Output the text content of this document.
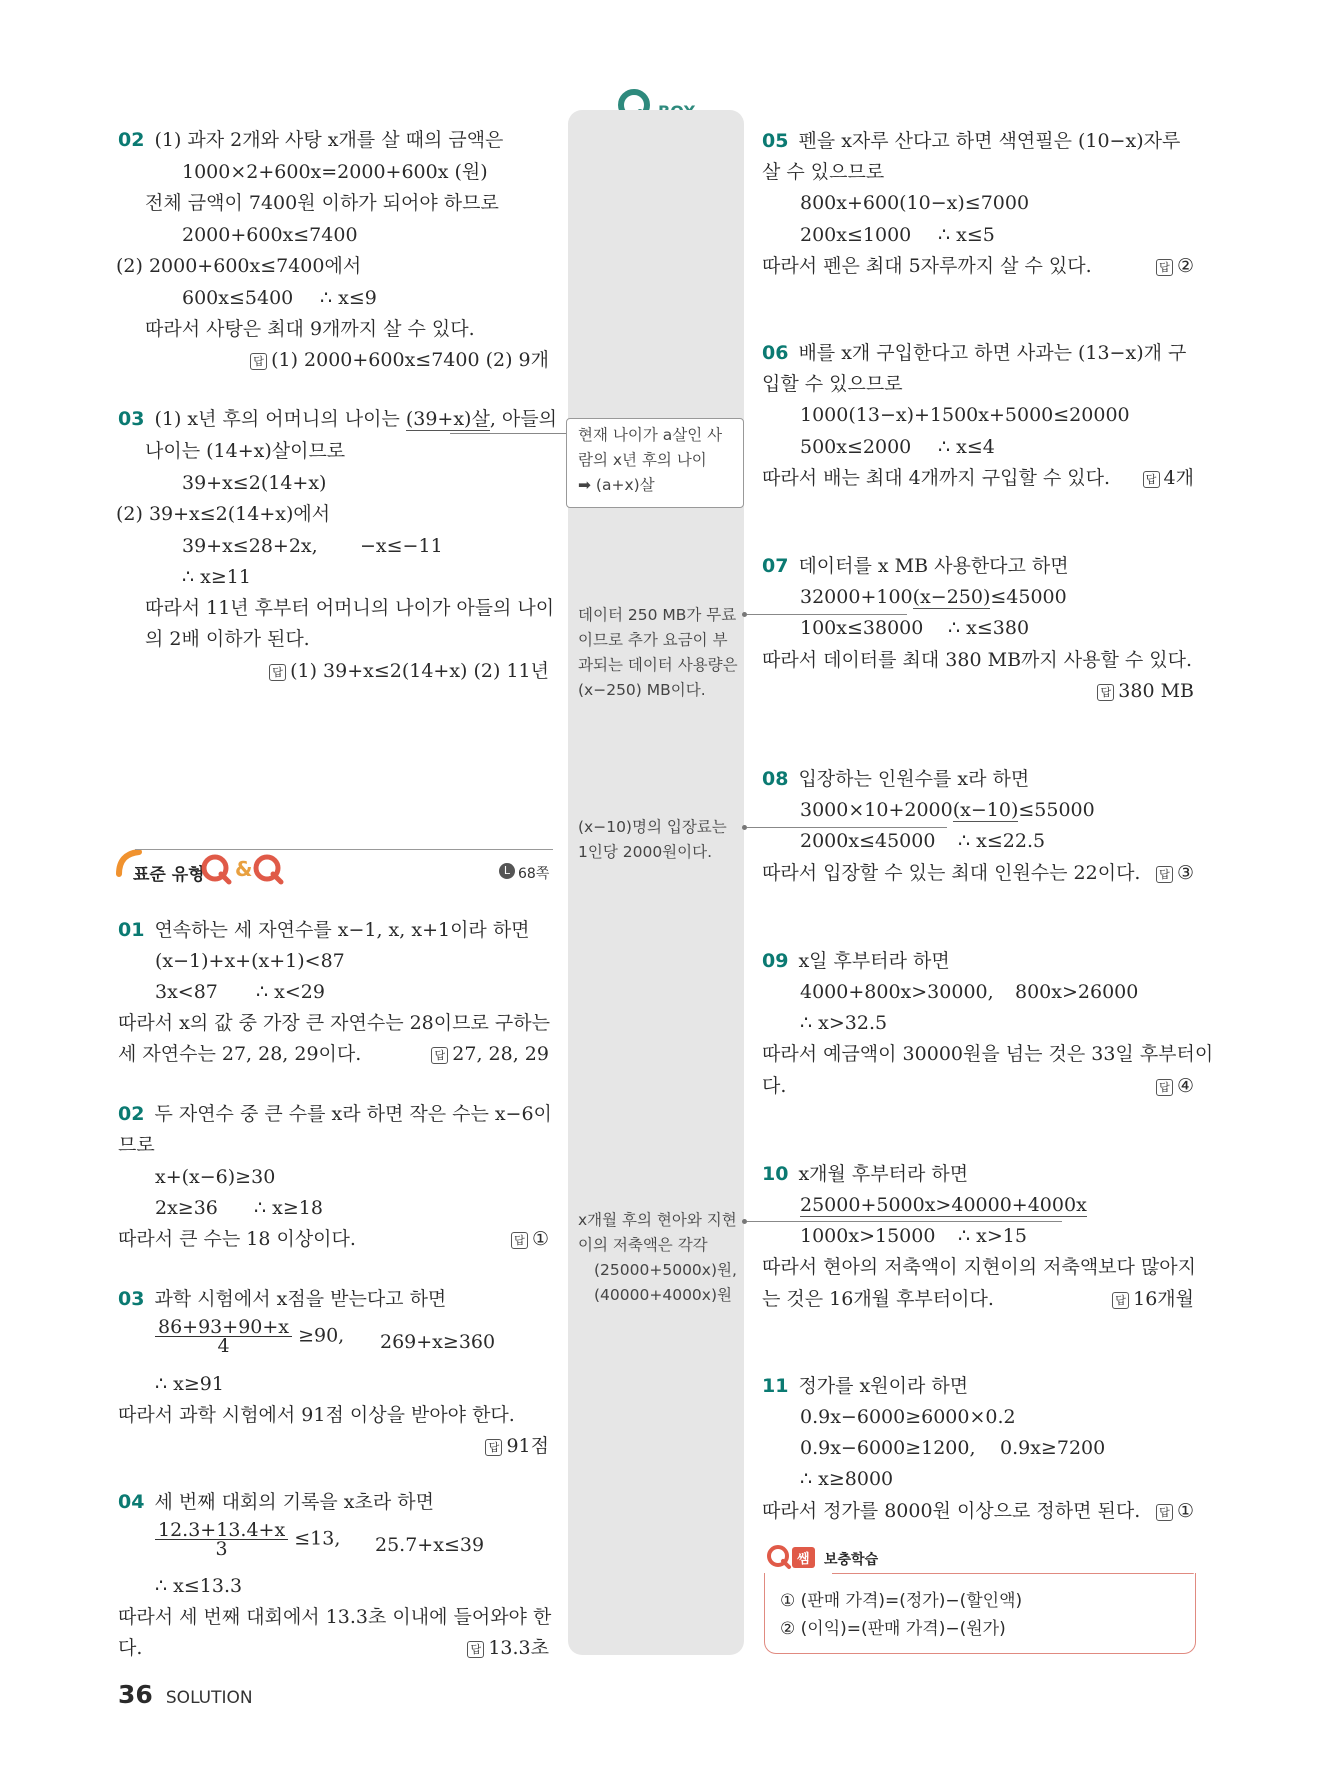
02 (1) 과자 2개와 사탕 x개를 살 때의 금액은
1000×2+600x=2000+600x (원)
전체 금액이 7400원 이하가 되어야 하므로
2000+600x≤7400
(2) 2000+600x≤7400에서
600x≤5400 ∴ x≤9
따라서 사탕은 최대 9개까지 살 수 있다.
답 (1) 2000+600x≤7400 (2) 9개
03 (1) x년 후의 어머니의 나이는 (39+x)살, 아들의
나이는 (14+x)살이므로
39+x≤2(14+x)
(2) 39+x≤2(14+x)에서
39+x≤28+2x, −x≤−11
∴ x≥11
따라서 11년 후부터 어머니의 나이가 아들의 나이
의 2배 이하가 된다.
답 (1) 39+x≤2(14+x) (2) 11년
표준 유형 &	L 68쪽
01 연속하는 세 자연수를 x−1, x, x+1이라 하면
(x−1)+x+(x+1)<87
3x<87 ∴ x<29
따라서 x의 값 중 가장 큰 자연수는 28이므로 구하는
세 자연수는 27, 28, 29이다.	답 27, 28, 29
02 두 자연수 중 큰 수를 x라 하면 작은 수는 x−6이
므로
x+(x−6)≥30
2x≥36 ∴ x≥18
따라서 큰 수는 18 이상이다.	답 ①
03 과학 시험에서 x점을 받는다고 하면
$\frac{86+93+90+x}{4} \ge 90$, 269+x≥360
∴ x≥91
따라서 과학 시험에서 91점 이상을 받아야 한다.
답 91점
04 세 번째 대회의 기록을 x초라 하면
$\frac{12.3+13.4+x}{3} \le 13$, 25.7+x≤39
∴ x≤13.3
따라서 세 번째 대회에서 13.3초 이내에 들어와야 한
다.	답 13.3초
현재 나이가 a살인 사
람의 x년 후의 나이
➡ (a+x)살
데이터 250 MB가 무료
이므로 추가 요금이 부
과되는 데이터 사용량은
(x−250) MB이다.
(x−10)명의 입장료는
1인당 2000원이다.
x개월 후의 현아와 지현
이의 저축액은 각각
(25000+5000x)원,
(40000+4000x)원
05 펜을 x자루 산다고 하면 색연필은 (10−x)자루
살 수 있으므로
800x+600(10−x)≤7000
200x≤1000 ∴ x≤5
따라서 펜은 최대 5자루까지 살 수 있다.	답 ②
06 배를 x개 구입한다고 하면 사과는 (13−x)개 구
입할 수 있으므로
1000(13−x)+1500x+5000≤20000
500x≤2000 ∴ x≤4
따라서 배는 최대 4개까지 구입할 수 있다.	답 4개
07 데이터를 x MB 사용한다고 하면
32000+100(x−250)≤45000
100x≤38000 ∴ x≤380
따라서 데이터를 최대 380 MB까지 사용할 수 있다.
답 380 MB
08 입장하는 인원수를 x라 하면
3000×10+2000(x−10)≤55000
2000x≤45000 ∴ x≤22.5
따라서 입장할 수 있는 최대 인원수는 22이다. 답 ③
09 x일 후부터라 하면
4000+800x>30000, 800x>26000
∴ x>32.5
따라서 예금액이 30000원을 넘는 것은 33일 후부터이
다.	답 ④
10 x개월 후부터라 하면
25000+5000x>40000+4000x
1000x>15000 ∴ x>15
따라서 현아의 저축액이 지현이의 저축액보다 많아지
는 것은 16개월 후부터이다.	답 16개월
11 정가를 x원이라 하면
0.9x−6000≥6000×0.2
0.9x−6000≥1200, 0.9x≥7200
∴ x≥8000
따라서 정가를 8000원 이상으로 정하면 된다. 답 ①
쌤	보충학습
① (판매 가격)=(정가)−(할인액)
② (이익)=(판매 가격)−(원가)
36 SOLUTION
